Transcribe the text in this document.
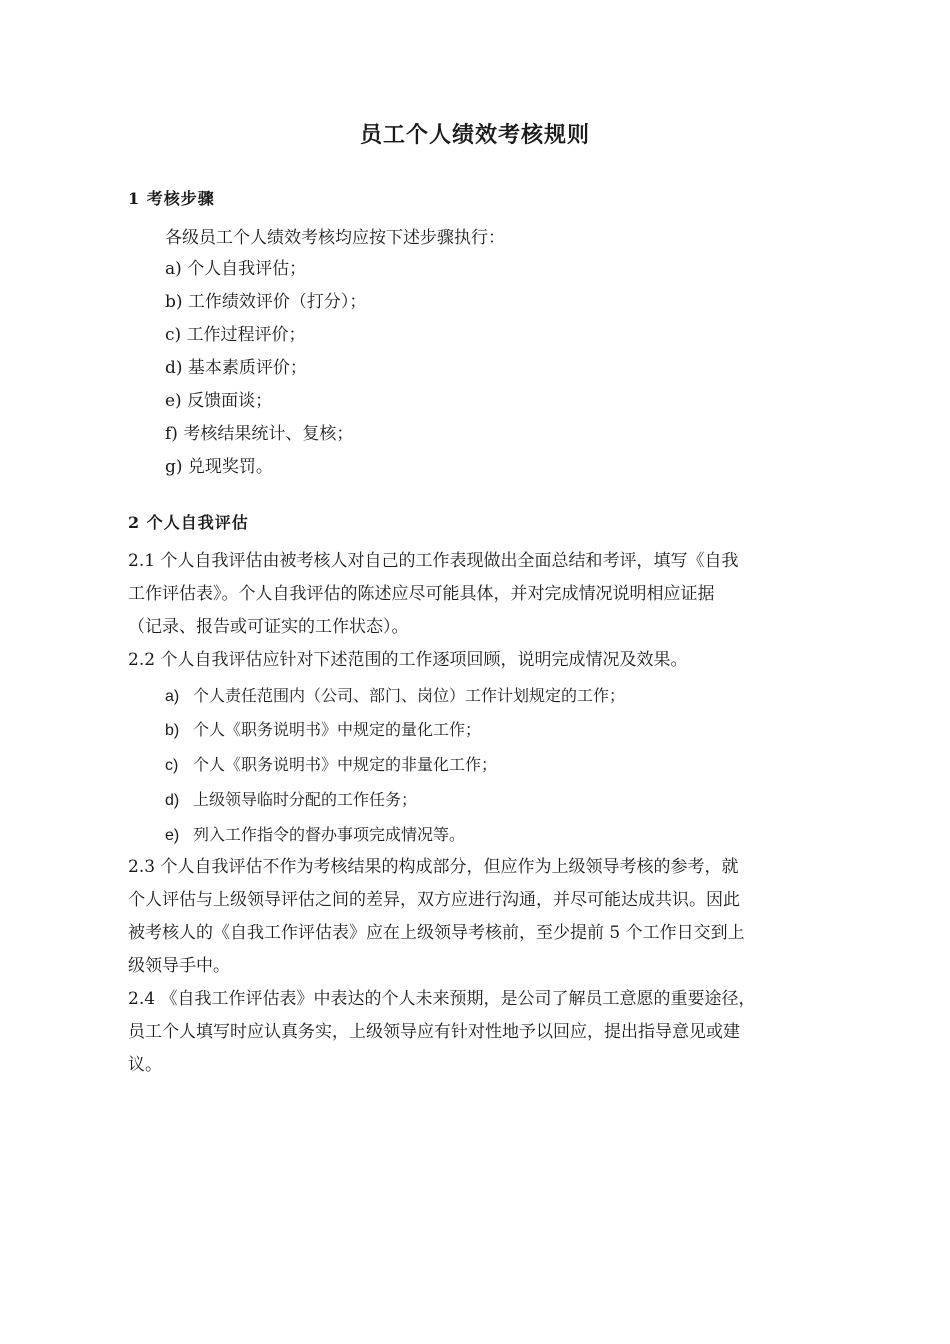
员工个人绩效考核规则
1 考核步骤
各级员工个人绩效考核均应按下述步骤执行：
a) 个人自我评估；
b) 工作绩效评价（打分）；
c) 工作过程评价；
d) 基本素质评价；
e) 反馈面谈；
f) 考核结果统计、复核；
g) 兑现奖罚。
2 个人自我评估
2.1 个人自我评估由被考核人对自己的工作表现做出全面总结和考评，填写《自我
工作评估表》。个人自我评估的陈述应尽可能具体，并对完成情况说明相应证据
（记录、报告或可证实的工作状态）。
2.2 个人自我评估应针对下述范围的工作逐项回顾，说明完成情况及效果。
a) 个人责任范围内（公司、部门、岗位）工作计划规定的工作；
b) 个人《职务说明书》中规定的量化工作；
c) 个人《职务说明书》中规定的非量化工作；
d) 上级领导临时分配的工作任务；
e) 列入工作指令的督办事项完成情况等。
2.3 个人自我评估不作为考核结果的构成部分，但应作为上级领导考核的参考，就
个人评估与上级领导评估之间的差异，双方应进行沟通，并尽可能达成共识。因此
被考核人的《自我工作评估表》应在上级领导考核前，至少提前 5 个工作日交到上
级领导手中。
2.4 《自我工作评估表》中表达的个人未来预期，是公司了解员工意愿的重要途径，
员工个人填写时应认真务实，上级领导应有针对性地予以回应，提出指导意见或建
议。
